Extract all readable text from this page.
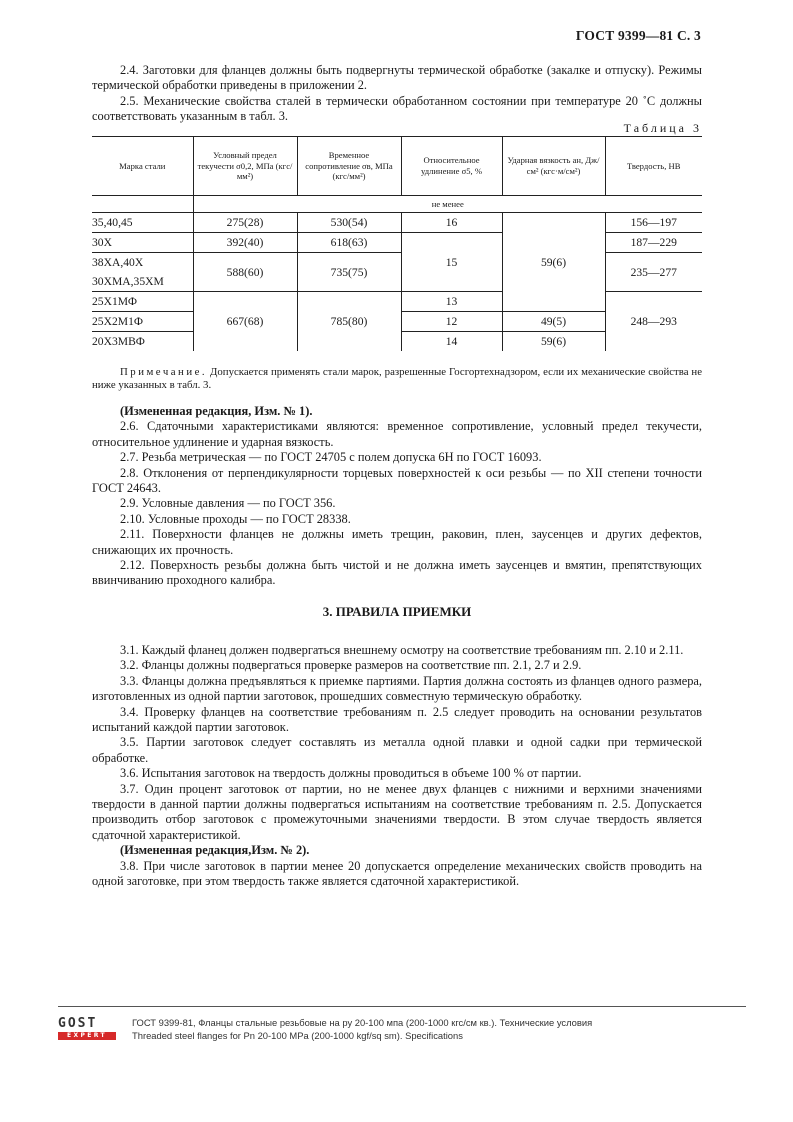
ГОСТ 9399—81 С. 3

2.4. Заготовки для фланцев должны быть подвергнуты термической обработке (закалке и отпуску). Режимы термической обработки приведены в приложении 2.

2.5. Механические свойства сталей в термически обработанном состоянии при температуре 20 ˚С должны соответствовать указанным в табл. 3.

Таблица 3
Марка стали	Условный предел текучести σ0,2, МПа (кгс/мм²)	Временное сопротивление σв, МПа (кгс/мм²)	Относительное удлинение σ5, %	Ударная вязкость aн, Дж/см² (кгс·м/см²)	Твердость, НВ
	не менее				
35,40,45	275(28)	530(54)	16	59(6)	156—197
30Х	392(40)	618(63)	15		187—229
38ХА,40Х	588(60)	735(75)			235—277
30ХМА,35ХМ					
25Х1МФ	667(68)	785(80)	13		248—293
25Х2М1Ф			12	49(5)	
20Х3МВФ			14	59(6)	
Примечание. Допускается применять стали марок, разрешенные Госгортехнадзором, если их механические свойства не ниже указанных в табл. 3.

(Измененная редакция, Изм. № 1).

2.6. Сдаточными характеристиками являются: временное сопротивление, условный предел текучести, относительное удлинение и ударная вязкость.

2.7. Резьба метрическая — по ГОСТ 24705 с полем допуска 6Н по ГОСТ 16093.

2.8. Отклонения от перпендикулярности торцевых поверхностей к оси резьбы — по XII степени точности ГОСТ 24643.

2.9. Условные давления — по ГОСТ 356.

2.10. Условные проходы — по ГОСТ 28338.

2.11. Поверхности фланцев не должны иметь трещин, раковин, плен, заусенцев и других дефектов, снижающих их прочность.

2.12. Поверхность резьбы должна быть чистой и не должна иметь заусенцев и вмятин, препятствующих ввинчиванию проходного калибра.

3. ПРАВИЛА ПРИЕМКИ

3.1. Каждый фланец должен подвергаться внешнему осмотру на соответствие требованиям пп. 2.10 и 2.11.

3.2. Фланцы должны подвергаться проверке размеров на соответствие пп. 2.1, 2.7 и 2.9.

3.3. Фланцы должна предъявляться к приемке партиями. Партия должна состоять из фланцев одного размера, изготовленных из одной партии заготовок, прошедших совместную термическую обработку.

3.4. Проверку фланцев на соответствие требованиям п. 2.5 следует проводить на основании результатов испытаний каждой партии заготовок.

3.5. Партии заготовок следует составлять из металла одной плавки и одной садки при термической обработке.

3.6. Испытания заготовок на твердость должны проводиться в объеме 100 % от партии.

3.7. Один процент заготовок от партии, но не менее двух фланцев с нижними и верхними значениями твердости в данной партии должны подвергаться испытаниям на соответствие требованиям п. 2.5. Допускается производить отбор заготовок с промежуточными значениями твердости. В этом случае твердость является сдаточной характеристикой.

(Измененная редакция,Изм. № 2).

3.8. При числе заготовок в партии менее 20 допускается определение механических свойств проводить на одной заготовке, при этом твердость также является сдаточной характеристикой.

GOST
EXPERT
ГОСТ 9399-81, Фланцы стальные резьбовые на ру 20-100 мпа (200-1000 кгс/см кв.). Технические условия
Threaded steel flanges for Pn 20-100 MPa (200-1000 kgf/sq sm). Specifications
